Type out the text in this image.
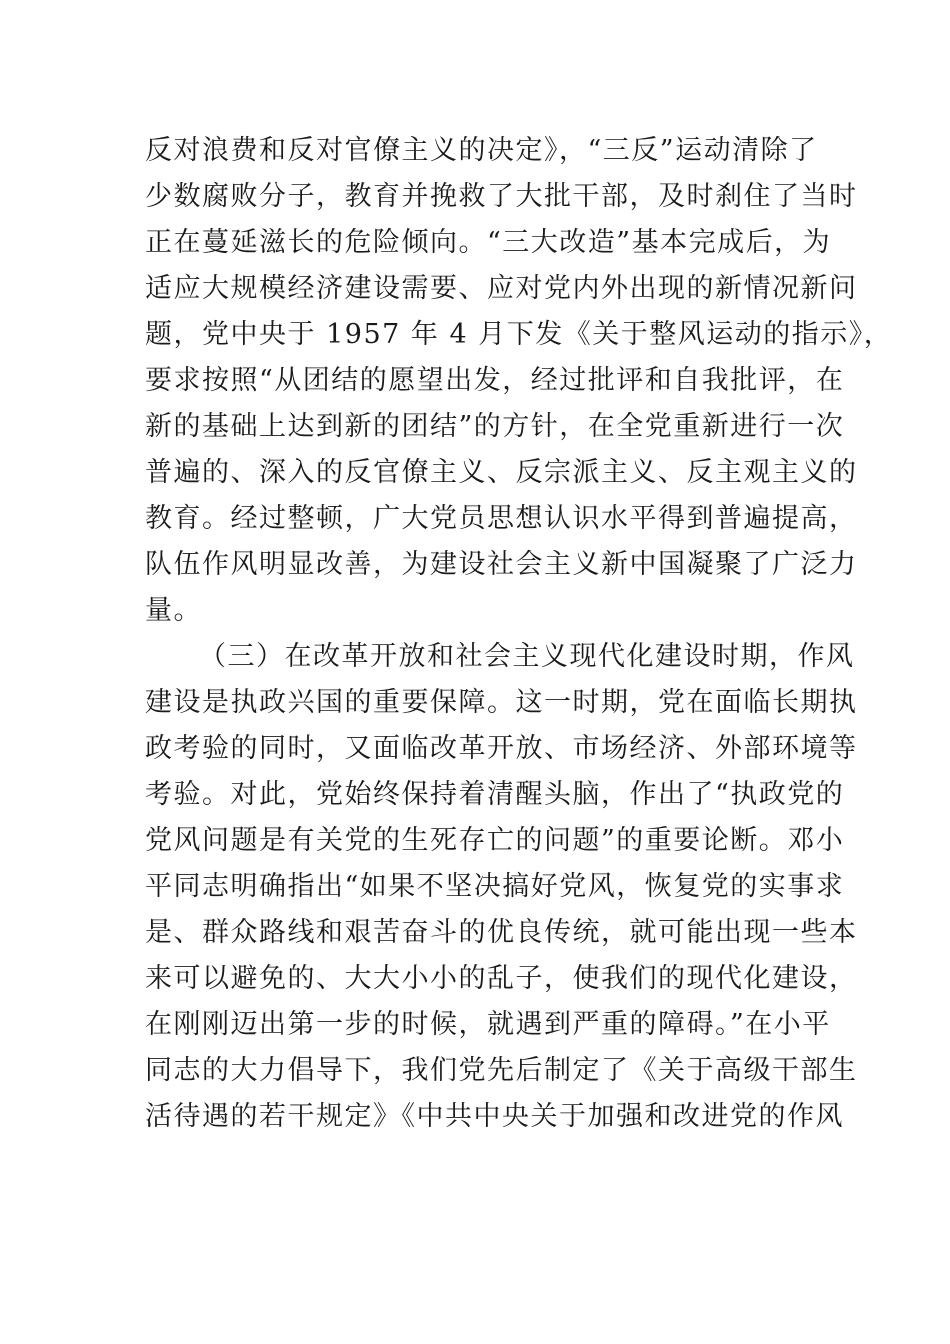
反对浪费和反对官僚主义的决定》，“三反”运动清除了
少数腐败分子，教育并挽救了大批干部，及时刹住了当时
正在蔓延滋长的危险倾向。“三大改造”基本完成后，为
适应大规模经济建设需要、应对党内外出现的新情况新问
题，党中央于 1957 年 4 月下发《关于整风运动的指示》，
要求按照“从团结的愿望出发，经过批评和自我批评，在
新的基础上达到新的团结”的方针，在全党重新进行一次
普遍的、深入的反官僚主义、反宗派主义、反主观主义的
教育。经过整顿，广大党员思想认识水平得到普遍提高，
队伍作风明显改善，为建设社会主义新中国凝聚了广泛力
量。
（三）在改革开放和社会主义现代化建设时期，作风
建设是执政兴国的重要保障。这一时期，党在面临长期执
政考验的同时，又面临改革开放、市场经济、外部环境等
考验。对此，党始终保持着清醒头脑，作出了“执政党的
党风问题是有关党的生死存亡的问题”的重要论断。邓小
平同志明确指出“如果不坚决搞好党风，恢复党的实事求
是、群众路线和艰苦奋斗的优良传统，就可能出现一些本
来可以避免的、大大小小的乱子，使我们的现代化建设，
在刚刚迈出第一步的时候，就遇到严重的障碍。”在小平
同志的大力倡导下，我们党先后制定了《关于高级干部生
活待遇的若干规定》《中共中央关于加强和改进党的作风
